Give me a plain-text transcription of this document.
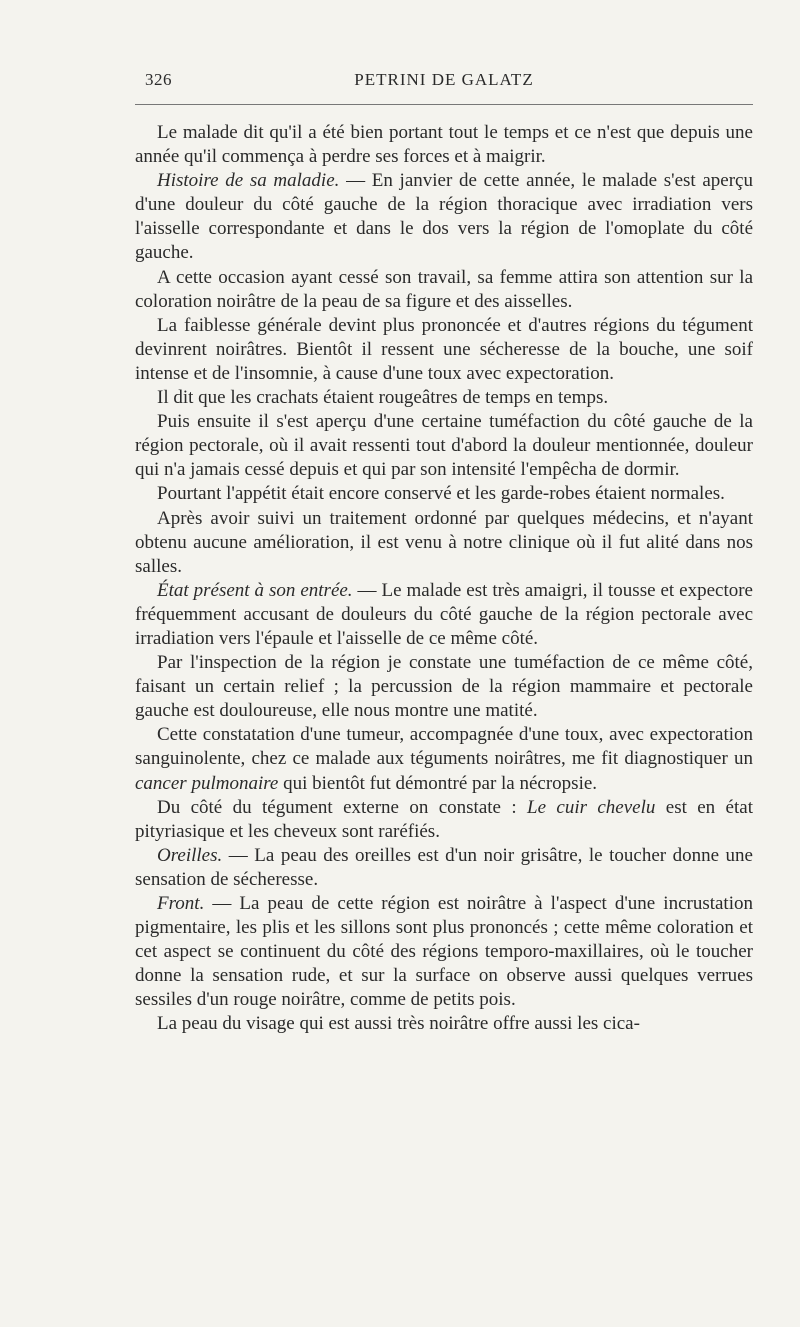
326	PETRINI DE GALATZ

Le malade dit qu'il a été bien portant tout le temps et ce n'est que depuis une année qu'il commença à perdre ses forces et à maigrir.

Histoire de sa maladie. — En janvier de cette année, le malade s'est aperçu d'une douleur du côté gauche de la région thoracique avec irradiation vers l'aisselle correspondante et dans le dos vers la région de l'omoplate du côté gauche.

A cette occasion ayant cessé son travail, sa femme attira son attention sur la coloration noirâtre de la peau de sa figure et des aisselles.

La faiblesse générale devint plus prononcée et d'autres régions du tégument devinrent noirâtres. Bientôt il ressent une sécheresse de la bouche, une soif intense et de l'insomnie, à cause d'une toux avec expectoration.

Il dit que les crachats étaient rougeâtres de temps en temps.

Puis ensuite il s'est aperçu d'une certaine tuméfaction du côté gauche de la région pectorale, où il avait ressenti tout d'abord la douleur mentionnée, douleur qui n'a jamais cessé depuis et qui par son intensité l'empêcha de dormir.

Pourtant l'appétit était encore conservé et les garde-robes étaient normales.

Après avoir suivi un traitement ordonné par quelques médecins, et n'ayant obtenu aucune amélioration, il est venu à notre clinique où il fut alité dans nos salles.

État présent à son entrée. — Le malade est très amaigri, il tousse et expectore fréquemment accusant de douleurs du côté gauche de la région pectorale avec irradiation vers l'épaule et l'aisselle de ce même côté.

Par l'inspection de la région je constate une tuméfaction de ce même côté, faisant un certain relief ; la percussion de la région mammaire et pectorale gauche est douloureuse, elle nous montre une matité.

Cette constatation d'une tumeur, accompagnée d'une toux, avec expectoration sanguinolente, chez ce malade aux téguments noirâtres, me fit diagnostiquer un cancer pulmonaire qui bientôt fut démontré par la nécropsie.

Du côté du tégument externe on constate : Le cuir chevelu est en état pityriasique et les cheveux sont raréfiés.

Oreilles. — La peau des oreilles est d'un noir grisâtre, le toucher donne une sensation de sécheresse.

Front. — La peau de cette région est noirâtre à l'aspect d'une incrustation pigmentaire, les plis et les sillons sont plus prononcés ; cette même coloration et cet aspect se continuent du côté des régions temporo-maxillaires, où le toucher donne la sensation rude, et sur la surface on observe aussi quelques verrues sessiles d'un rouge noirâtre, comme de petits pois.

La peau du visage qui est aussi très noirâtre offre aussi les cica-
